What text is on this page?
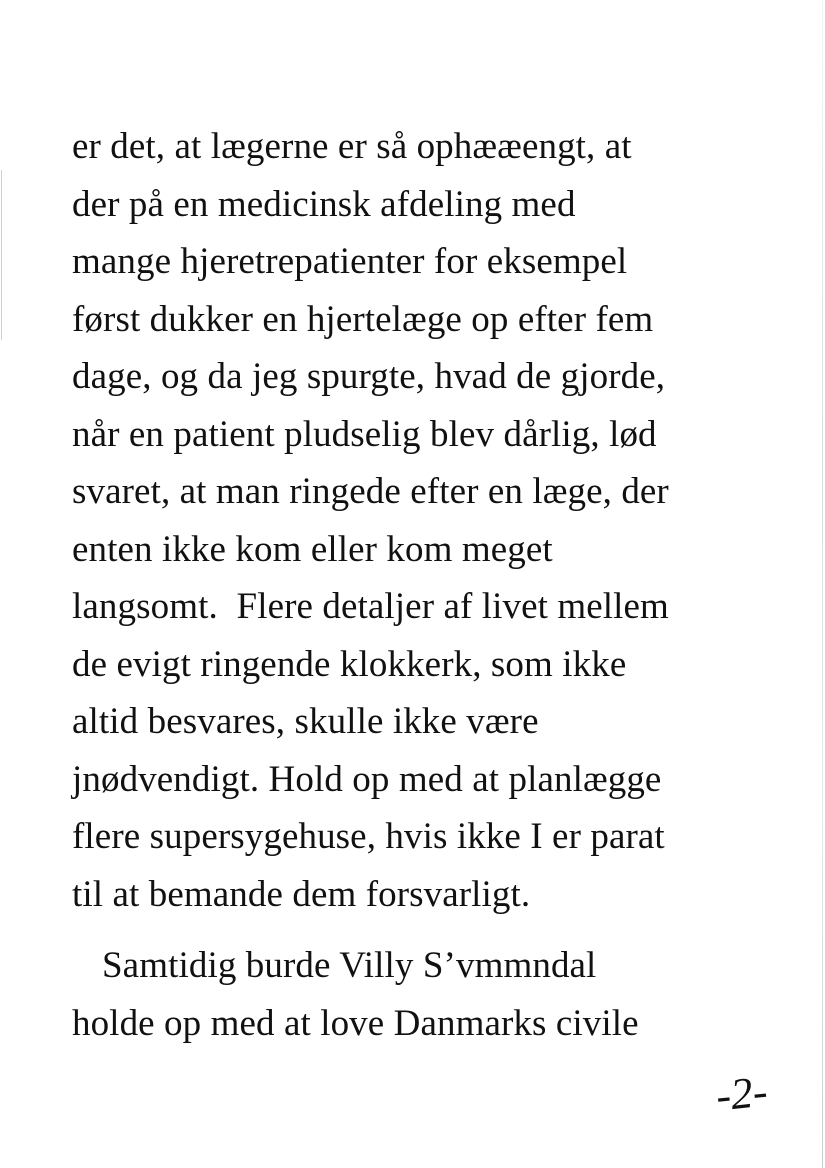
er det, at lægerne er så ophææengt, at
der på en medicinsk afdeling med
mange hjeretrepatienter for eksempel
først dukker en hjertelæge op efter fem
dage, og da jeg spurgte, hvad de gjorde,
når en patient pludselig blev dårlig, lød
svaret, at man ringede efter en læge, der
enten ikke kom eller kom meget
langsomt.  Flere detaljer af livet mellem
de evigt ringende klokkerk, som ikke
altid besvares, skulle ikke være
jnødvendigt. Hold op med at planlægge
flere supersygehuse, hvis ikke I er parat
til at bemande dem forsvarligt.
Samtidig burde Villy S’vmmndal
holde op med at love Danmarks civile
-2-
